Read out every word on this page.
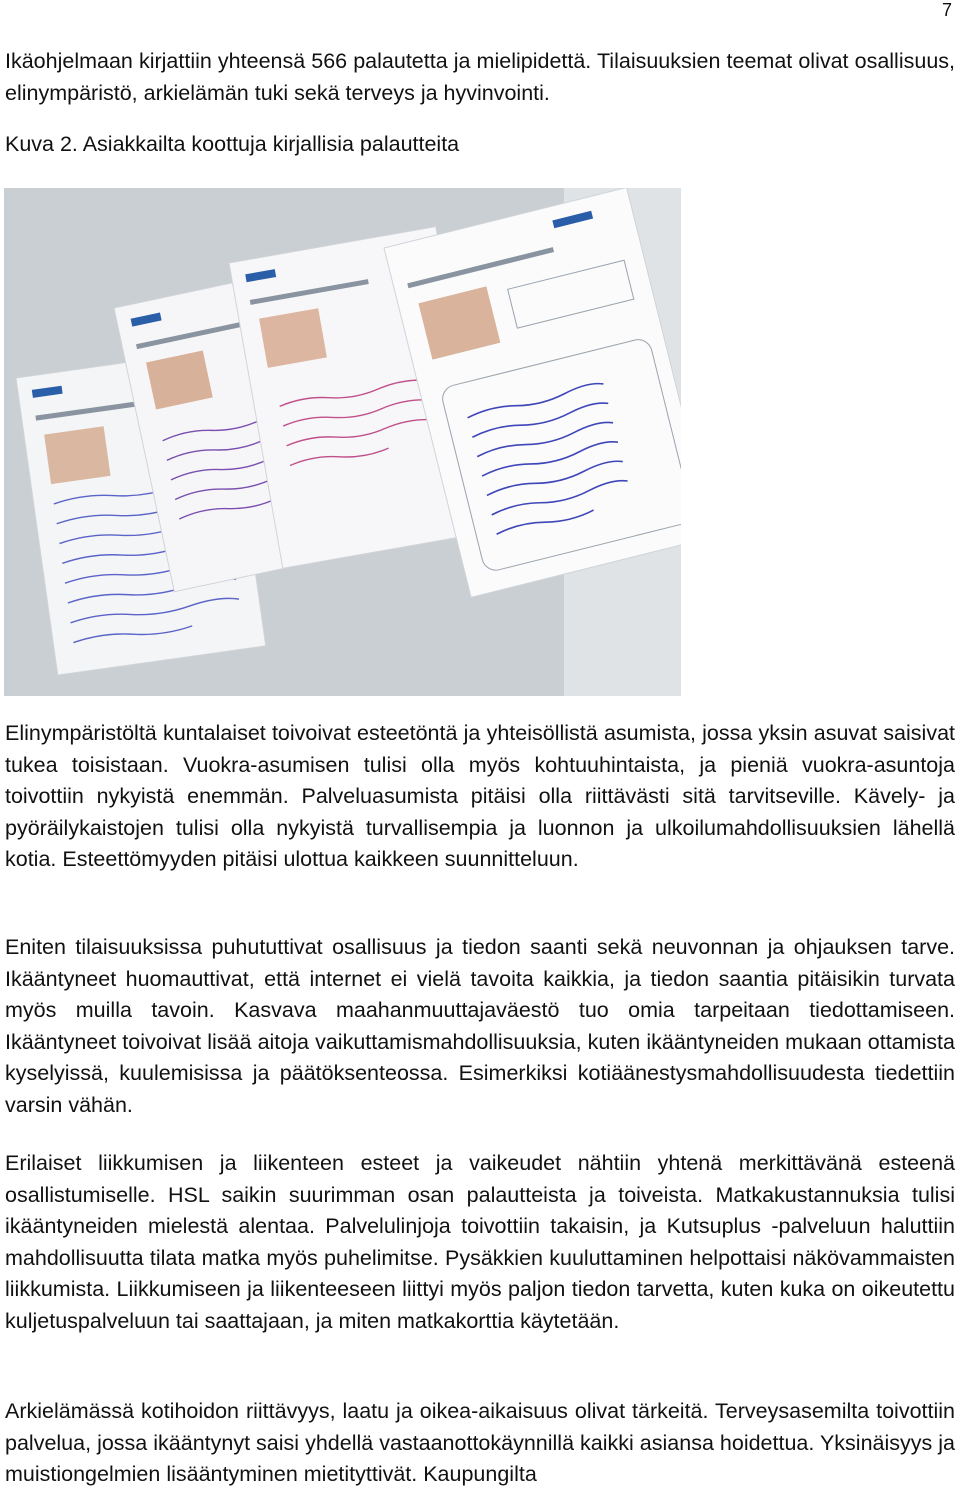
7

Ikäohjelmaan kirjattiin yhteensä 566 palautetta ja mielipidettä. Tilaisuuksien teemat olivat osallisuus, elinympäristö, arkielämän tuki sekä terveys ja hyvinvointi.

Kuva 2. Asiakkailta koottuja kirjallisia palautteita

Elinympäristöltä kuntalaiset toivoivat esteetöntä ja yhteisöllistä asumista, jossa yksin asuvat saisivat tukea toisistaan. Vuokra-asumisen tulisi olla myös kohtuuhintaista, ja pieniä vuokra-asuntoja toivottiin nykyistä enemmän. Palveluasumista pitäisi olla riittävästi sitä tarvitseville. Kävely- ja pyöräilykaistojen tulisi olla nykyistä turvallisempia ja luonnon ja ulkoilumahdollisuuksien lähellä kotia. Esteettömyyden pitäisi ulottua kaikkeen suunnitteluun.

Eniten tilaisuuksissa puhututtivat osallisuus ja tiedon saanti sekä neuvonnan ja ohjauksen tarve. Ikääntyneet huomauttivat, että internet ei vielä tavoita kaikkia, ja tiedon saantia pitäisikin turvata myös muilla tavoin. Kasvava maahanmuuttajaväestö tuo omia tarpeitaan tiedottamiseen. Ikääntyneet toivoivat lisää aitoja vaikuttamismahdollisuuksia, kuten ikääntyneiden mukaan ottamista kyselyissä, kuulemisissa ja päätöksenteossa. Esimerkiksi kotiäänestysmahdollisuudesta tiedettiin varsin vähän.

Erilaiset liikkumisen ja liikenteen esteet ja vaikeudet nähtiin yhtenä merkittävänä esteenä osallistumiselle. HSL saikin suurimman osan palautteista ja toiveista. Matkakustannuksia tulisi ikääntyneiden mielestä alentaa. Palvelulinjoja toivottiin takaisin, ja Kutsuplus -palveluun haluttiin mahdollisuutta tilata matka myös puhelimitse. Pysäkkien kuuluttaminen helpottaisi näkövammaisten liikkumista. Liikkumiseen ja liikenteeseen liittyi myös paljon tiedon tarvetta, kuten kuka on oikeutettu kuljetuspalveluun tai saattajaan, ja miten matkakorttia käytetään.

Arkielämässä kotihoidon riittävyys, laatu ja oikea-aikaisuus olivat tärkeitä. Terveysasemilta toivottiin palvelua, jossa ikääntynyt saisi yhdellä vastaanottokäynnillä kaikki asiansa hoidettua. Yksinäisyys ja muistiongelmien lisääntyminen mietityttivät. Kaupungilta
